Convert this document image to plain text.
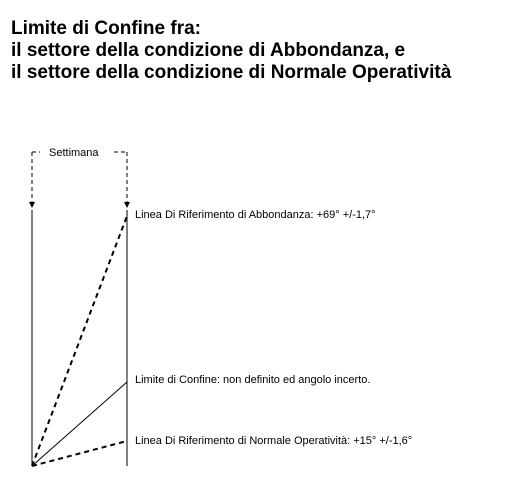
Limite di Confine fra:
il settore della condizione di Abbondanza, e
il settore della condizione di Normale Operatività
Settimana
Linea Di Riferimento di Abbondanza: +69° +/-1,7°
Limite di Confine: non definito ed angolo incerto.
Linea Di Riferimento di Normale Operatività: +15° +/-1,6°
